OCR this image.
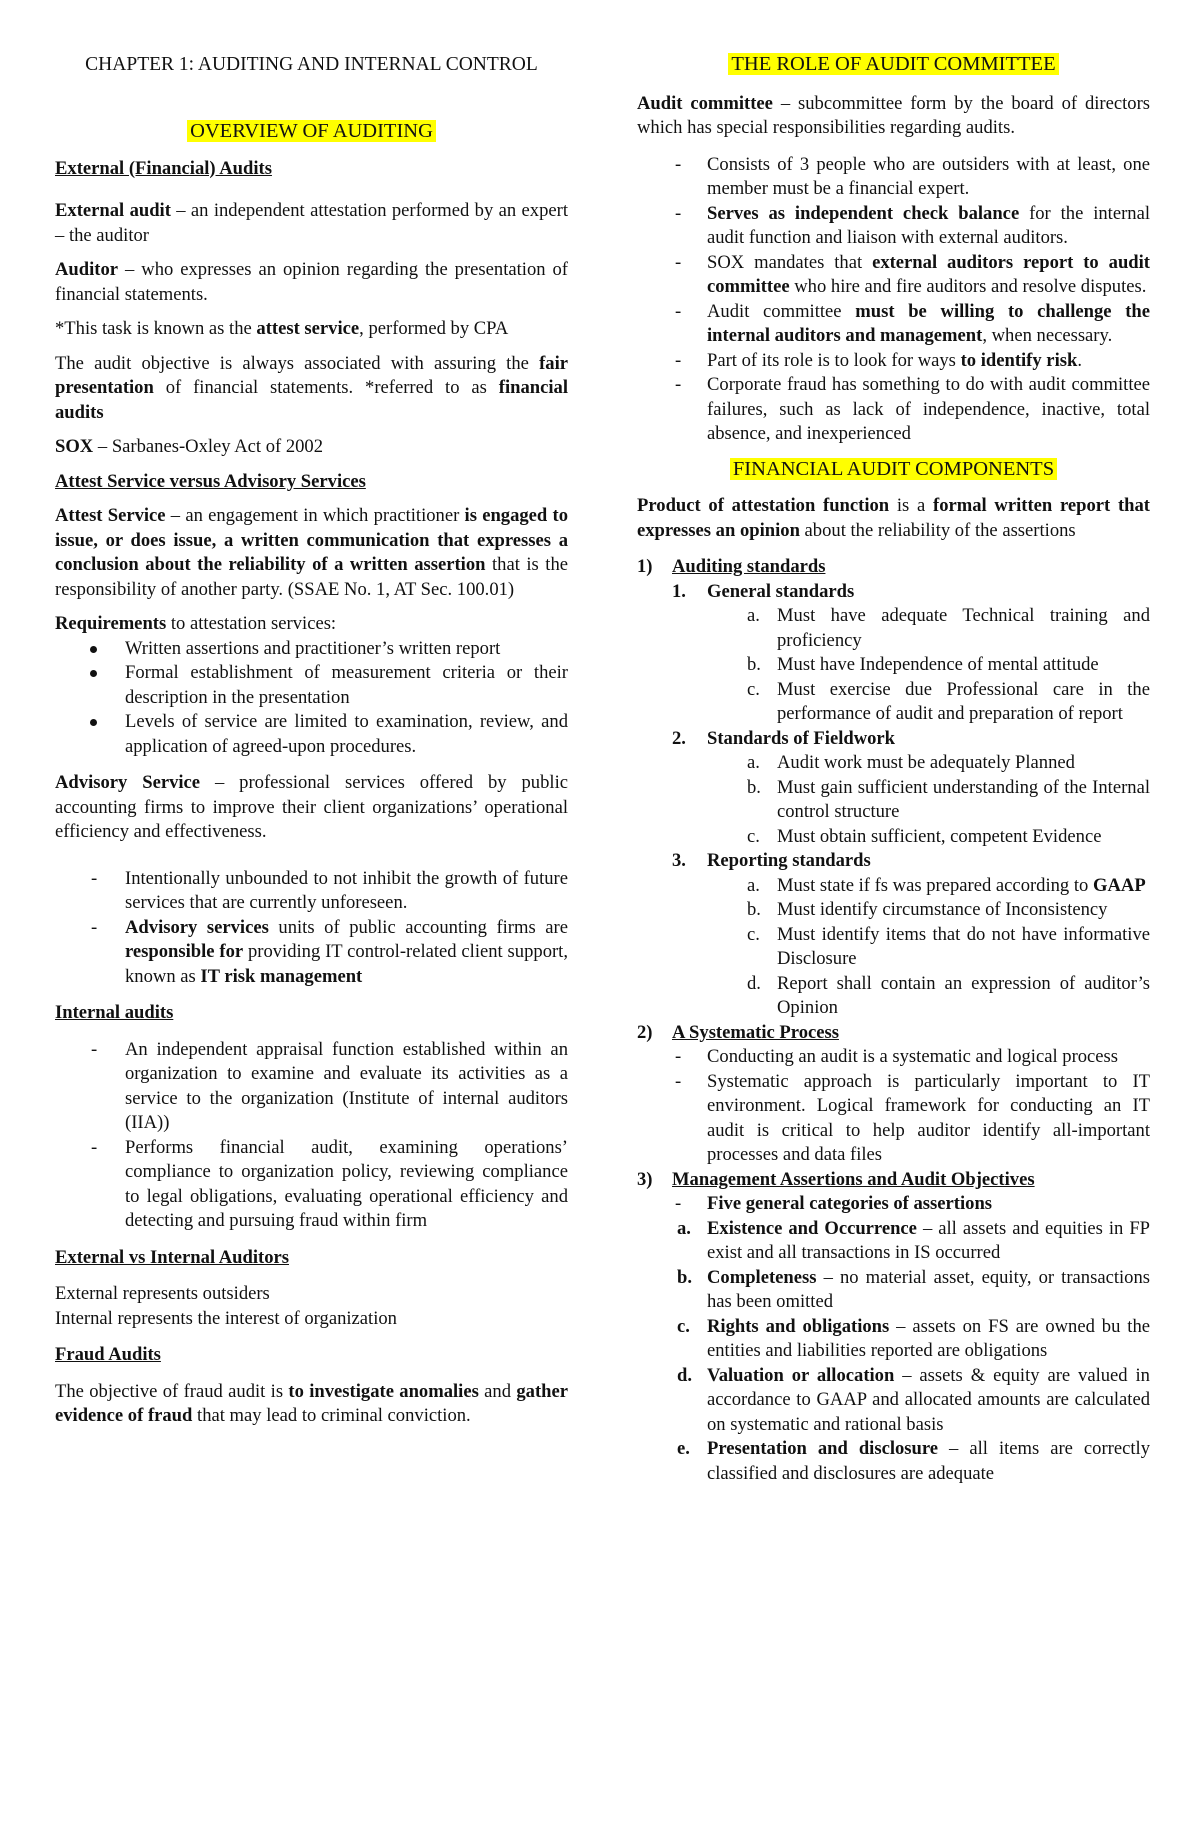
CHAPTER 1: AUDITING AND INTERNAL CONTROL
OVERVIEW OF AUDITING

External (Financial) Audits

External audit – an independent attestation performed by an expert – the auditor

Auditor – who expresses an opinion regarding the presentation of financial statements.

*This task is known as the attest service, performed by CPA

The audit objective is always associated with assuring the fair presentation of financial statements. *referred to as financial audits

SOX – Sarbanes-Oxley Act of 2002

Attest Service versus Advisory Services

Attest Service – an engagement in which practitioner is engaged to issue, or does issue, a written communication that expresses a conclusion about the reliability of a written assertion that is the responsibility of another party. (SSAE No. 1, AT Sec. 100.01)

Requirements to attestation services:

Written assertions and practitioner’s written report
Formal establishment of measurement criteria or their description in the presentation
Levels of service are limited to examination, review, and application of agreed-upon procedures.

Advisory Service – professional services offered by public accounting firms to improve their client organizations’ operational efficiency and effectiveness.

- Intentionally unbounded to not inhibit the growth of future services that are currently unforeseen.
- Advisory services units of public accounting firms are responsible for providing IT control-related client support, known as IT risk management

Internal audits

- An independent appraisal function established within an organization to examine and evaluate its activities as a service to the organization (Institute of internal auditors (IIA))
- Performs financial audit, examining operations’ compliance to organization policy, reviewing compliance to legal obligations, evaluating operational efficiency and detecting and pursuing fraud within firm

External vs Internal Auditors

External represents outsiders

Internal represents the interest of organization

Fraud Audits

The objective of fraud audit is to investigate anomalies and gather evidence of fraud that may lead to criminal conviction.

THE ROLE OF AUDIT COMMITTEE

Audit committee – subcommittee form by the board of directors which has special responsibilities regarding audits.

- Consists of 3 people who are outsiders with at least, one member must be a financial expert.
- Serves as independent check balance for the internal audit function and liaison with external auditors.
- SOX mandates that external auditors report to audit committee who hire and fire auditors and resolve disputes.
- Audit committee must be willing to challenge the internal auditors and management, when necessary.
- Part of its role is to look for ways to identify risk.
- Corporate fraud has something to do with audit committee failures, such as lack of independence, inactive, total absence, and inexperienced
FINANCIAL AUDIT COMPONENTS

Product of attestation function is a formal written report that expresses an opinion about the reliability of the assertions

1) Auditing standards
1. General standards
a. Must have adequate Technical training and proficiency
b. Must have Independence of mental attitude
c. Must exercise due Professional care in the performance of audit and preparation of report
2. Standards of Fieldwork
a. Audit work must be adequately Planned
b. Must gain sufficient understanding of the Internal control structure
c. Must obtain sufficient, competent Evidence
3. Reporting standards
a. Must state if fs was prepared according to GAAP
b. Must identify circumstance of Inconsistency
c. Must identify items that do not have informative Disclosure
d. Report shall contain an expression of auditor’s Opinion
2) A Systematic Process
- Conducting an audit is a systematic and logical process
- Systematic approach is particularly important to IT environment. Logical framework for conducting an IT audit is critical to help auditor identify all-important processes and data files
3) Management Assertions and Audit Objectives
- Five general categories of assertions
a. Existence and Occurrence – all assets and equities in FP exist and all transactions in IS occurred
b. Completeness – no material asset, equity, or transactions has been omitted
c. Rights and obligations – assets on FS are owned bu the entities and liabilities reported are obligations
d. Valuation or allocation – assets & equity are valued in accordance to GAAP and allocated amounts are calculated on systematic and rational basis
e. Presentation and disclosure – all items are correctly classified and disclosures are adequate
